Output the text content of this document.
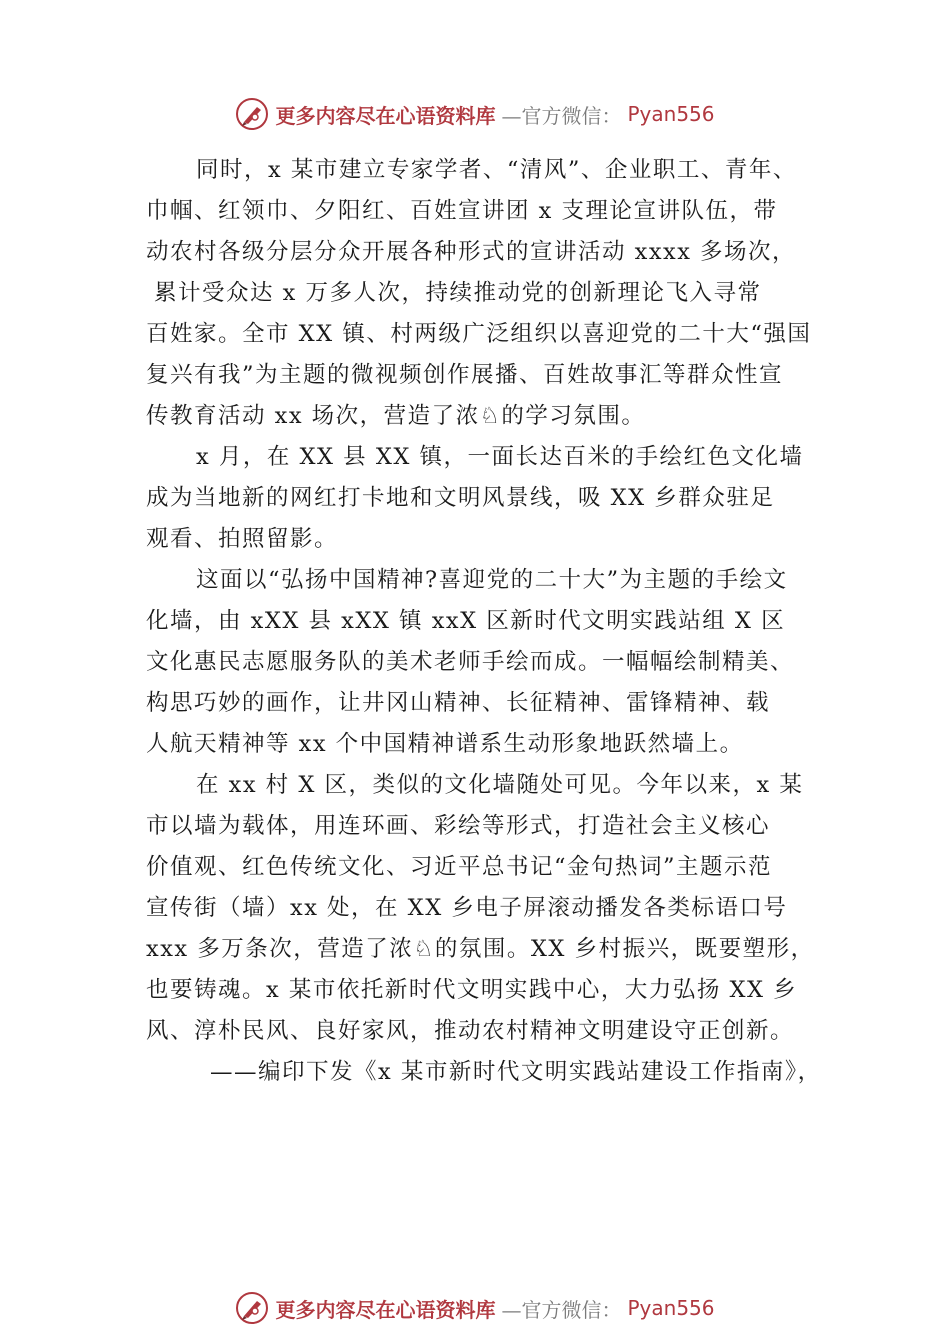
更多内容尽在心语资料库 —官方微信： Pyan556
同时，x 某市建立专家学者、“清风”、企业职工、青年、
巾帼、红领巾、夕阳红、百姓宣讲团 x 支理论宣讲队伍，带
动农村各级分层分众开展各种形式的宣讲活动 xxxx 多场次，
累计受众达 x 万多人次，持续推动党的创新理论飞入寻常
百姓家。全市 XX 镇、村两级广泛组织以喜迎党的二十大“强国
复兴有我”为主题的微视频创作展播、百姓故事汇等群众性宣
传教育活动 xx 场次，营造了浓♘的学习氛围。
x 月，在 XX 县 XX 镇，一面长达百米的手绘红色文化墙
成为当地新的网红打卡地和文明风景线，吸 XX 乡群众驻足
观看、拍照留影。
这面以“弘扬中国精神?喜迎党的二十大”为主题的手绘文
化墙，由 xXX 县 xXX 镇 xxX 区新时代文明实践站组 X 区
文化惠民志愿服务队的美术老师手绘而成。一幅幅绘制精美、
构思巧妙的画作，让井冈山精神、长征精神、雷锋精神、载
人航天精神等 xx 个中国精神谱系生动形象地跃然墙上。
在 xx 村 X 区，类似的文化墙随处可见。今年以来，x 某
市以墙为载体，用连环画、彩绘等形式，打造社会主义核心
价值观、红色传统文化、习近平总书记“金句热词”主题示范
宣传街（墙）xx 处，在 XX 乡电子屏滚动播发各类标语口号
xxx 多万条次，营造了浓♘的氛围。XX 乡村振兴，既要塑形，
也要铸魂。x 某市依托新时代文明实践中心，大力弘扬 XX 乡
风、淳朴民风、良好家风，推动农村精神文明建设守正创新。
——编印下发《x 某市新时代文明实践站建设工作指南》，
更多内容尽在心语资料库 —官方微信： Pyan556
